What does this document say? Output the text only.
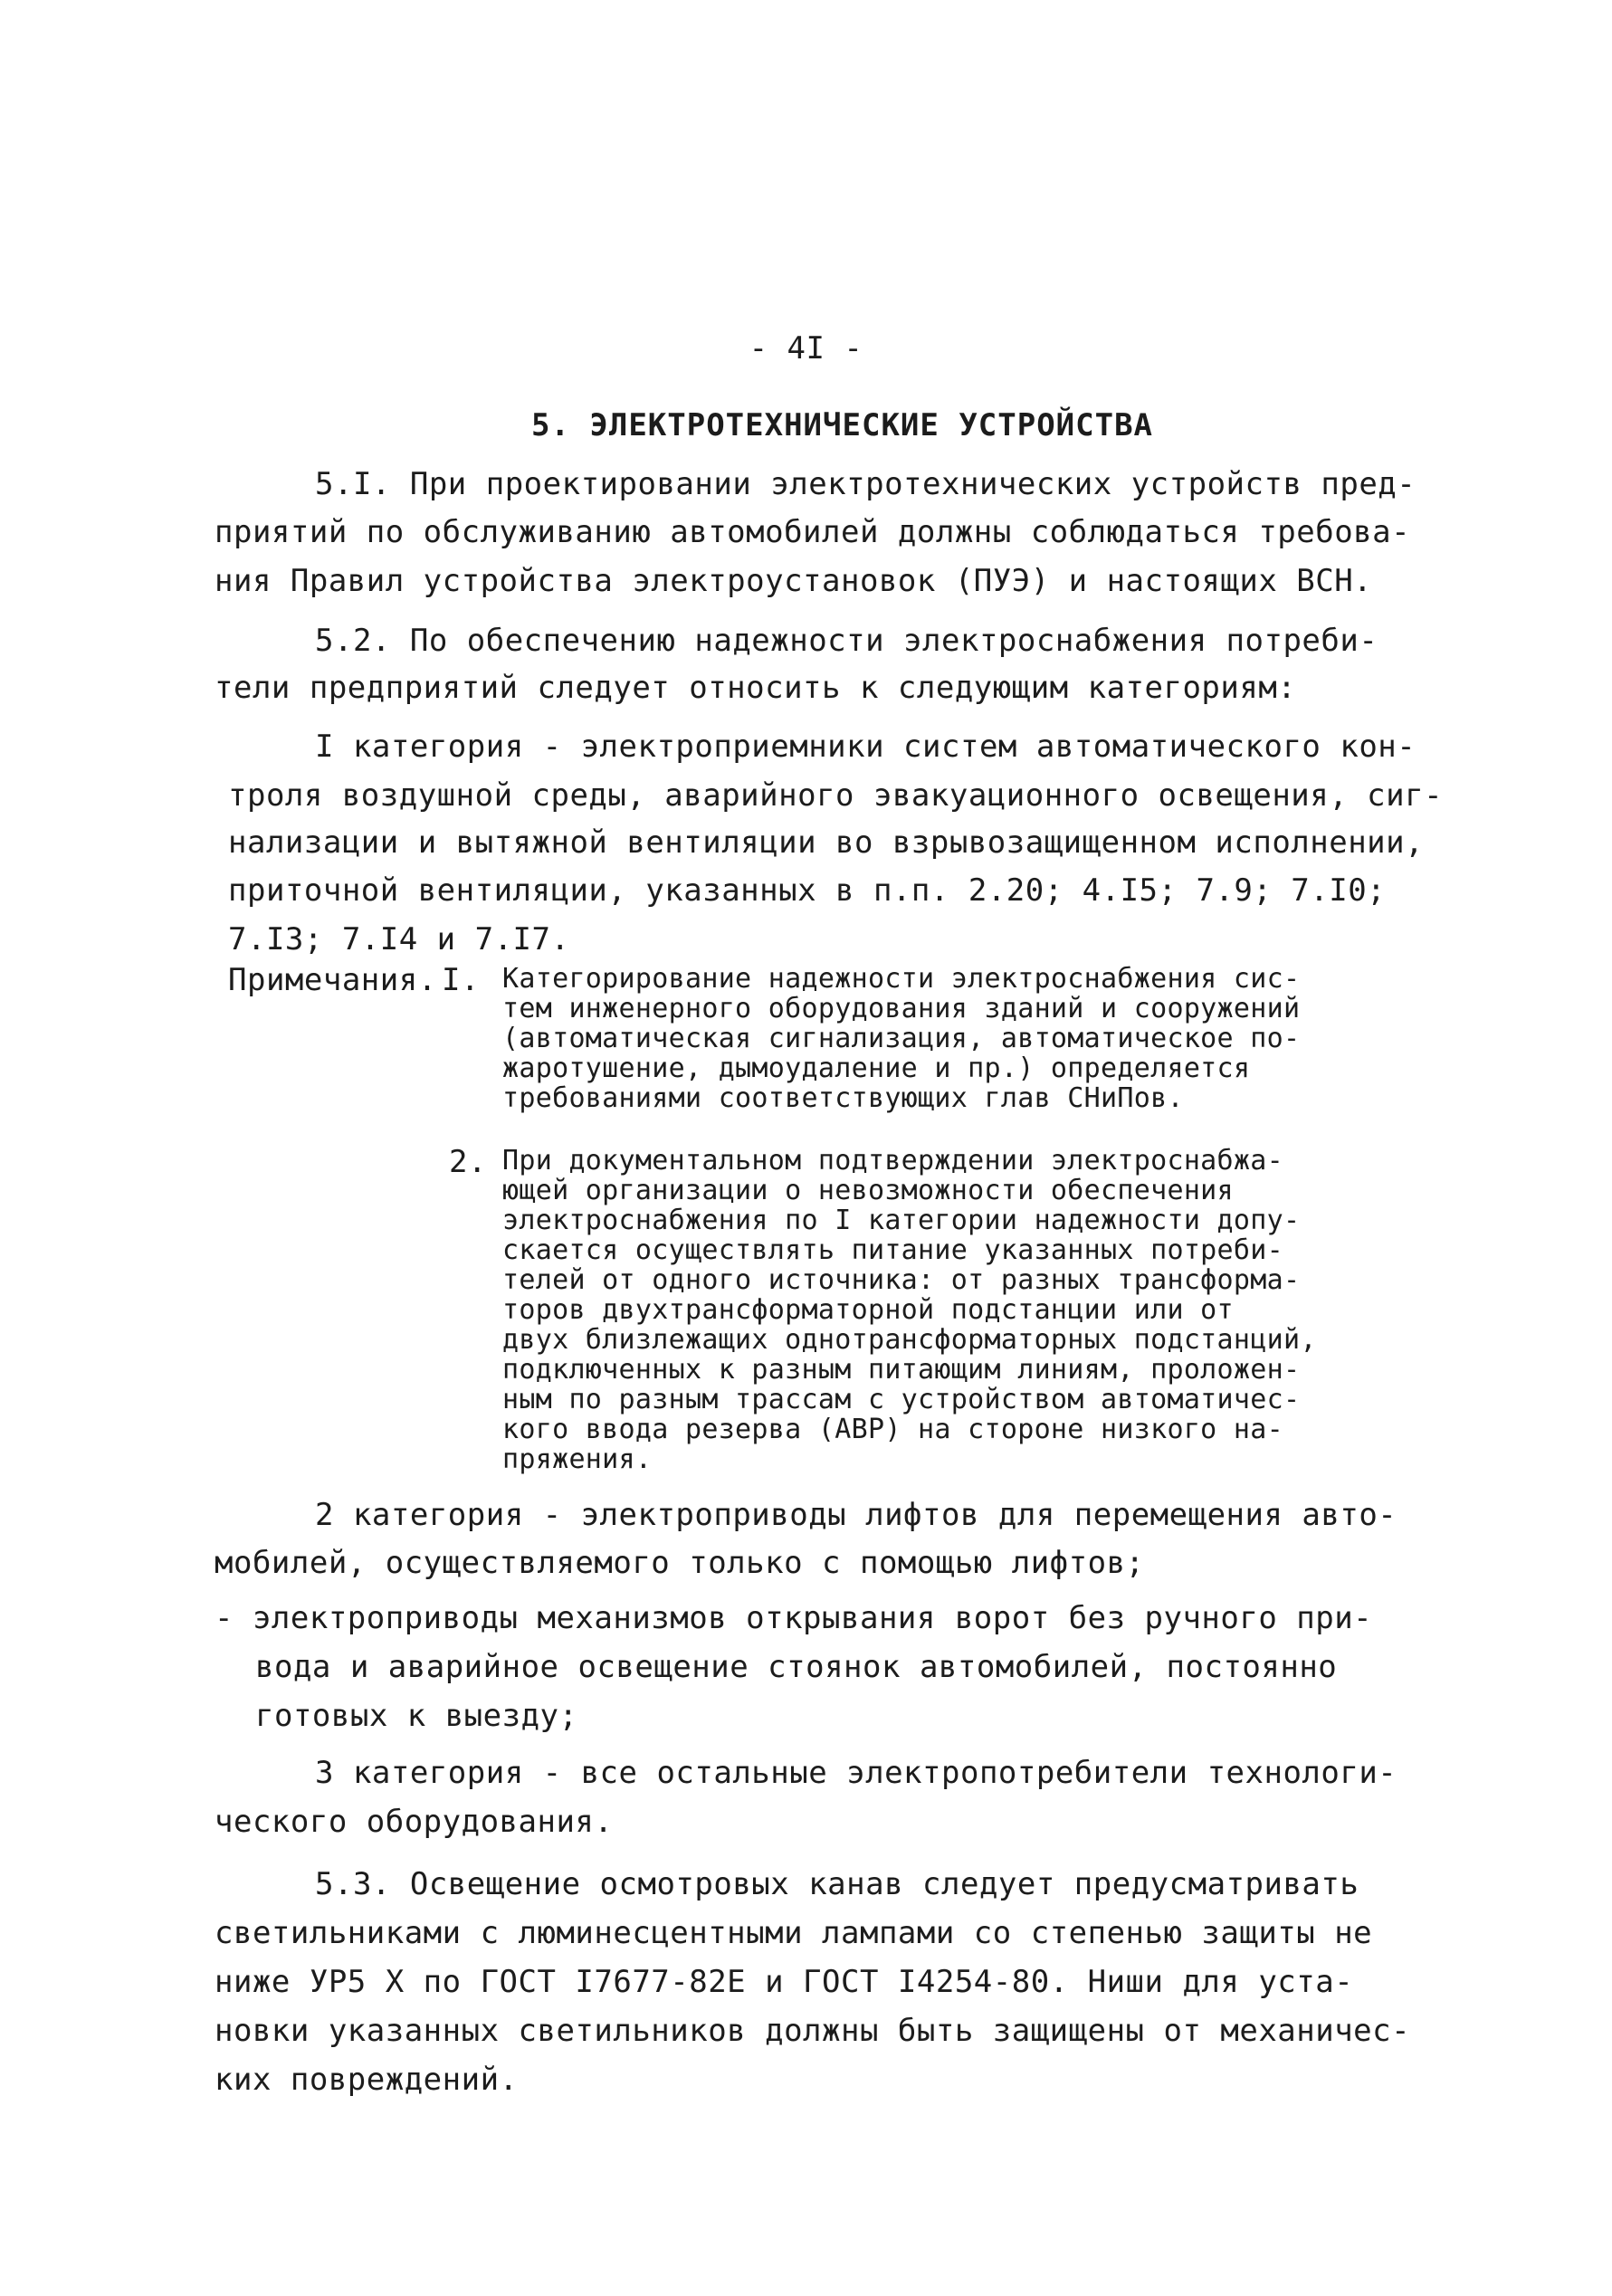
- 4I -
5. ЭЛЕКТРОТЕХНИЧЕСКИЕ УСТРОЙСТВА
5.I. При проектировании электротехнических устройств пред-
приятий по обслуживанию автомобилей должны соблюдаться требова-
ния Правил устройства электроустановок (ПУЭ) и настоящих ВСН.
5.2. По обеспечению надежности электроснабжения потреби-
тели предприятий следует относить к следующим категориям:
I категория - электроприемники систем автоматического кон-
троля воздушной среды, аварийного эвакуационного освещения, сиг-
нализации и вытяжной вентиляции во взрывозащищенном исполнении,
приточной вентиляции, указанных в п.п. 2.20; 4.I5; 7.9; 7.I0;
7.I3; 7.I4 и 7.I7.
Примечания. I. Категорирование надежности электроснабжения сис-
тем инженерного оборудования зданий и сооружений
(автоматическая сигнализация, автоматическое по-
жаротушение, дымоудаление и пр.) определяется
требованиями соответствующих глав СНиПов.
2. При документальном подтверждении электроснабжа-
ющей организации о невозможности обеспечения
электроснабжения по I категории надежности допу-
скается осуществлять питание указанных потреби-
телей от одного источника: от разных трансформа-
торов двухтрансформаторной подстанции или от
двух близлежащих однотрансформаторных подстанций,
подключенных к разным питающим линиям, проложен-
ным по разным трассам с устройством автоматичес-
кого ввода резерва (АВР) на стороне низкого на-
пряжения.
2 категория - электроприводы лифтов для перемещения авто-
мобилей, осуществляемого только с помощью лифтов;
- электроприводы механизмов открывания ворот без ручного при-
вода и аварийное освещение стоянок автомобилей, постоянно
готовых к выезду;
3 категория - все остальные электропотребители технологи-
ческого оборудования.
5.3. Освещение осмотровых канав следует предусматривать
светильниками с люминесцентными лампами со степенью защиты не
ниже УР5 Х по ГОСТ I7677-82Е и ГОСТ I4254-80. Ниши для уста-
новки указанных светильников должны быть защищены от механичес-
ких повреждений.
